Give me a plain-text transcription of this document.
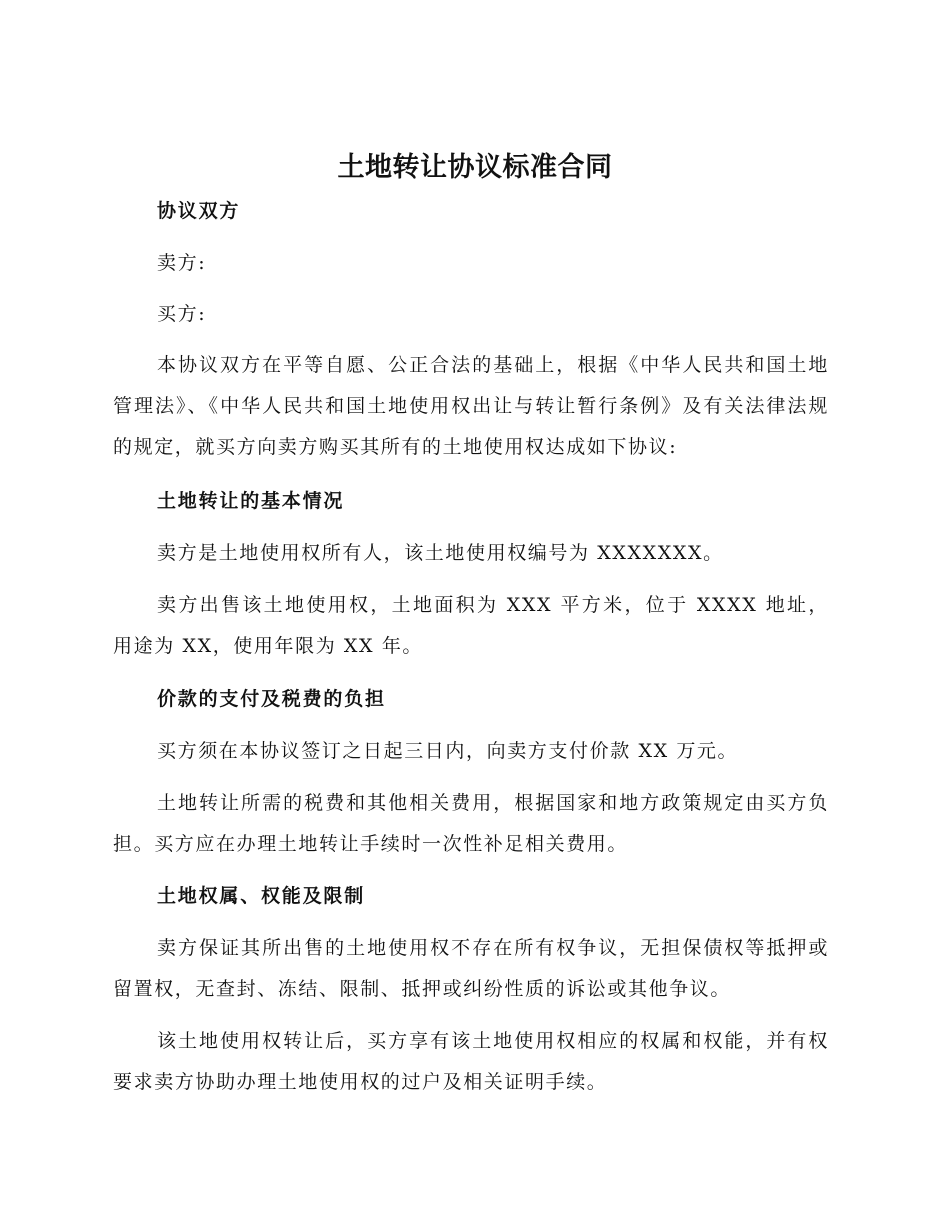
土地转让协议标准合同

协议双方

卖方:

买方:

本协议双方在平等自愿、公正合法的基础上，根据《中华人民共和国土地管理法》、《中华人民共和国土地使用权出让与转让暂行条例》及有关法律法规的规定，就买方向卖方购买其所有的土地使用权达成如下协议:

土地转让的基本情况

卖方是土地使用权所有人，该土地使用权编号为 XXXXXXX。

卖方出售该土地使用权，土地面积为 XXX 平方米，位于 XXXX 地址，用途为 XX，使用年限为 XX 年。

价款的支付及税费的负担

买方须在本协议签订之日起三日内，向卖方支付价款 XX 万元。

土地转让所需的税费和其他相关费用，根据国家和地方政策规定由买方负担。买方应在办理土地转让手续时一次性补足相关费用。

土地权属、权能及限制

卖方保证其所出售的土地使用权不存在所有权争议，无担保债权等抵押或留置权，无查封、冻结、限制、抵押或纠纷性质的诉讼或其他争议。

该土地使用权转让后，买方享有该土地使用权相应的权属和权能，并有权要求卖方协助办理土地使用权的过户及相关证明手续。
